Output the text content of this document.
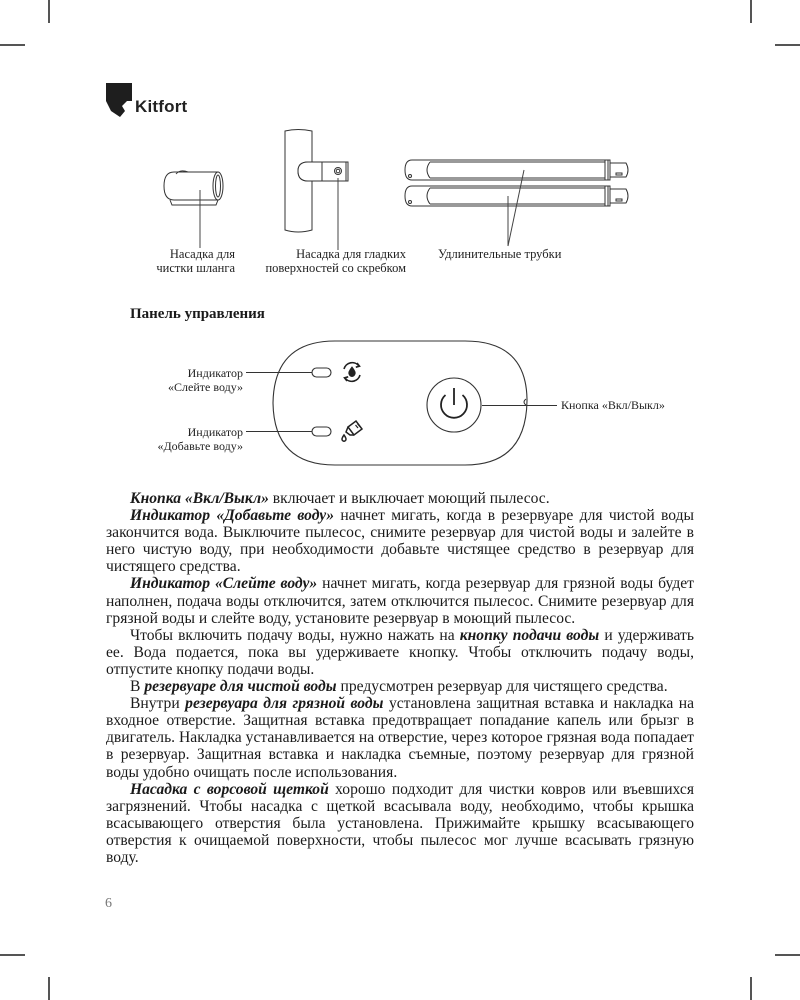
Kitfort
Насадка для
чистки шланга
Насадка для гладких
поверхностей со скребком
Удлинительные трубки
Панель управления
Индикатор
«Слейте воду»
Индикатор
«Добавьте воду»
Кнопка «Вкл/Выкл»

Кнопка «Вкл/Выкл» включает и выключает моющий пылесос.

Индикатор «Добавьте воду» начнет мигать, когда в резервуаре для чистой воды закончится вода. Выключите пылесос, снимите резервуар для чистой воды и залейте в него чистую воду, при необходимости добавьте чистящее средство в резервуар для чистящего средства.

Индикатор «Слейте воду» начнет мигать, когда резервуар для грязной воды будет наполнен, подача воды отключится, затем отключится пылесос. Снимите резервуар для грязной воды и слейте воду, установите резервуар в моющий пылесос.

Чтобы включить подачу воды, нужно нажать на кнопку подачи воды и удерживать ее. Вода подается, пока вы удерживаете кнопку. Чтобы отключить подачу воды, отпустите кнопку подачи воды.

В резервуаре для чистой воды предусмотрен резервуар для чистящего средства.

Внутри резервуара для грязной воды установлена защитная вставка и накладка на входное отверстие. Защитная вставка предотвращает попадание капель или брызг в двигатель. Накладка устанавливается на отверстие, через которое грязная вода попадает в резервуар. Защитная вставка и накладка съемные, поэтому резервуар для грязной воды удобно очищать после использования.

Насадка с ворсовой щеткой хорошо подходит для чистки ковров или въевшихся загрязнений. Чтобы насадка с щеткой всасывала воду, необходимо, чтобы крышка всасывающего отверстия была установлена. Прижимайте крышку всасывающего отверстия к очищаемой поверхности, чтобы пылесос мог лучше всасывать грязную воду.

6
